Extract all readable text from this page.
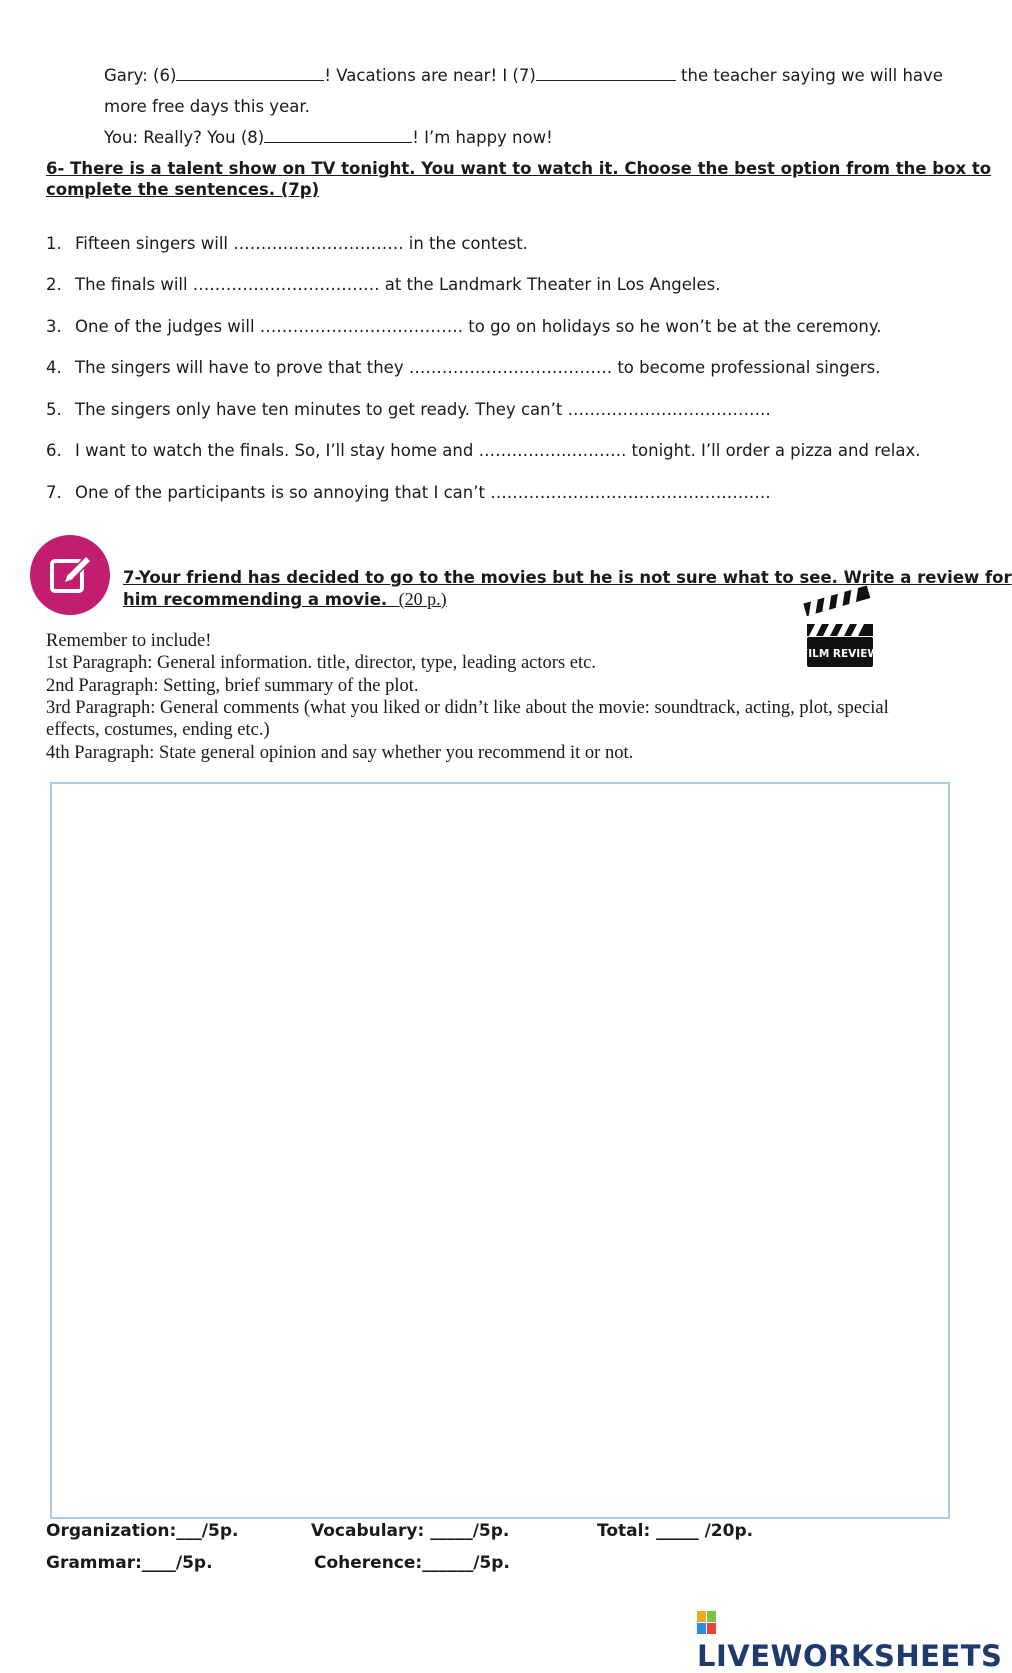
Gary: (6)	! Vacations are near! I (7)	the teacher saying we will have
more free days this year.
You: Really? You (8)	! I’m happy now!
6- There is a talent show on TV tonight. You want to watch it. Choose the best option from the box to
complete the sentences. (7p)
1. Fifteen singers will …………………………. in the contest.
2. The finals will ……………………………. at the Landmark Theater in Los Angeles.
3. One of the judges will ………………………………. to go on holidays so he won’t be at the ceremony.
4. The singers will have to prove that they ………………………………. to become professional singers.
5. The singers only have ten minutes to get ready. They can’t ……………………………….
6. I want to watch the finals. So, I’ll stay home and ……………..………. tonight. I’ll order a pizza and relax.
7. One of the participants is so annoying that I can’t ……………………………………………
7-Your friend has decided to go to the movies but he is not sure what to see. Write a review for
him recommending a movie. (20 p.)
FILM REVIEW
Remember to include!
1st Paragraph: General information. title, director, type, leading actors etc.
2nd Paragraph: Setting, brief summary of the plot.
3rd Paragraph: General comments (what you liked or didn’t like about the movie: soundtrack, acting, plot, special
effects, costumes, ending etc.)
4th Paragraph: State general opinion and say whether you recommend it or not.
Organization:___/5p.	Vocabulary: _____/5p.	Total: _____ /20p.
Grammar:____/5p.	Coherence:______/5p.
LIVEWORKSHEETS
